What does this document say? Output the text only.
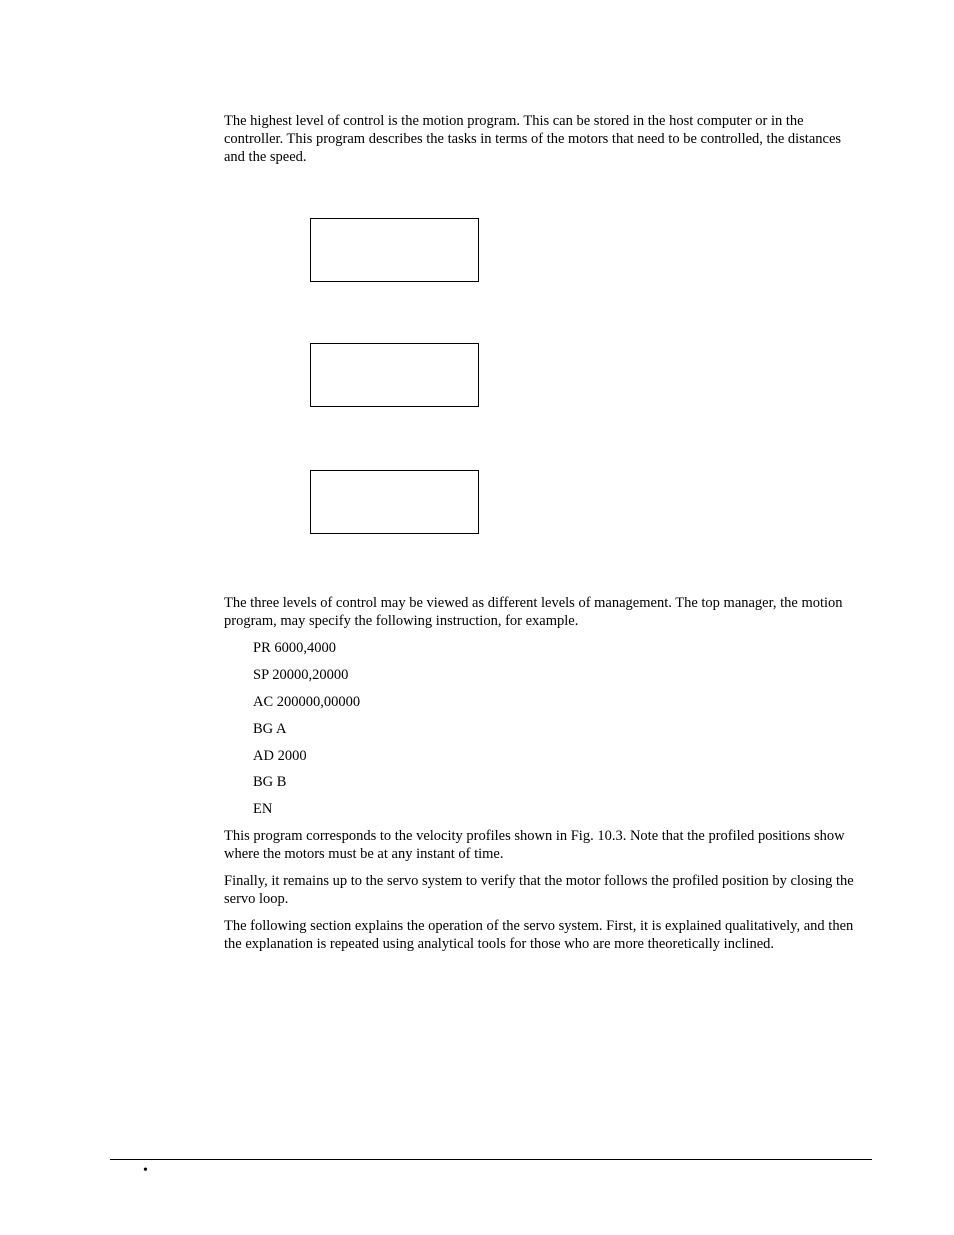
The highest level of control is the motion program. This can be stored in the host computer or in the controller. This program describes the tasks in terms of the motors that need to be controlled, the distances and the speed.

The three levels of control may be viewed as different levels of management. The top manager, the motion program, may specify the following instruction, for example.

PR 6000,4000

SP 20000,20000

AC 200000,00000

BG A

AD 2000

BG B

EN

This program corresponds to the velocity profiles shown in Fig. 10.3. Note that the profiled positions show where the motors must be at any instant of time.

Finally, it remains up to the servo system to verify that the motor follows the profiled position by closing the servo loop.

The following section explains the operation of the servo system. First, it is explained qualitatively, and then the explanation is repeated using analytical tools for those who are more theoretically inclined.

•
